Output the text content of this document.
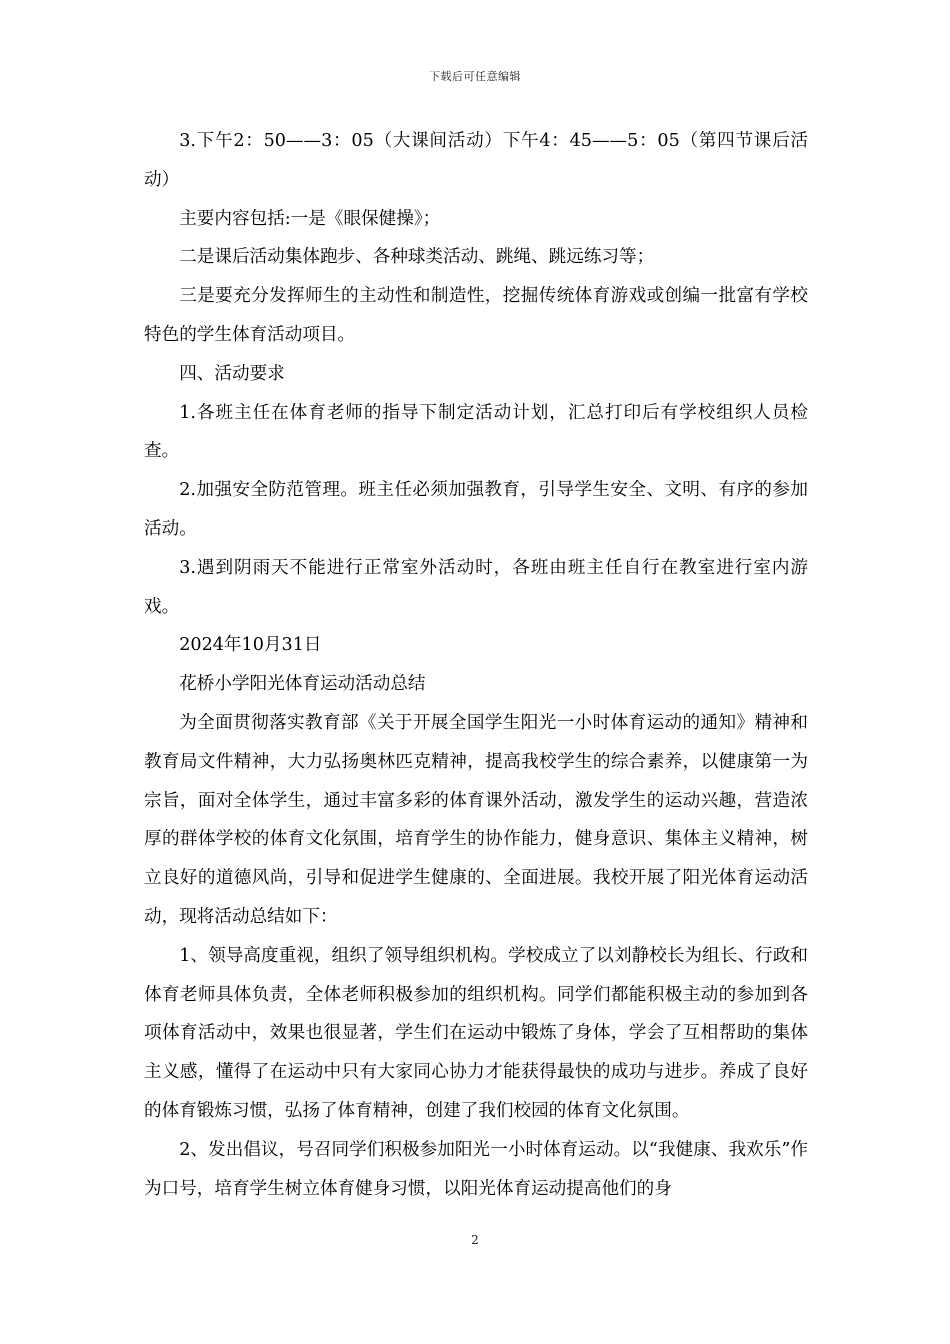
下载后可任意编辑

3.下午2：50——3：05（大课间活动）下午4：45——5：05（第四节课后活动）

主要内容包括:一是《眼保健操》；

二是课后活动集体跑步、各种球类活动、跳绳、跳远练习等；

三是要充分发挥师生的主动性和制造性，挖掘传统体育游戏或创编一批富有学校特色的学生体育活动项目。

四、活动要求

1.各班主任在体育老师的指导下制定活动计划，汇总打印后有学校组织人员检查。

2.加强安全防范管理。班主任必须加强教育，引导学生安全、文明、有序的参加活动。

3.遇到阴雨天不能进行正常室外活动时，各班由班主任自行在教室进行室内游戏。

2024年10月31日

花桥小学阳光体育运动活动总结

为全面贯彻落实教育部《关于开展全国学生阳光一小时体育运动的通知》精神和教育局文件精神，大力弘扬奥林匹克精神，提高我校学生的综合素养，以健康第一为宗旨，面对全体学生，通过丰富多彩的体育课外活动，激发学生的运动兴趣，营造浓厚的群体学校的体育文化氛围，培育学生的协作能力，健身意识、集体主义精神，树立良好的道德风尚，引导和促进学生健康的、全面进展。我校开展了阳光体育运动活动，现将活动总结如下：

1、领导高度重视，组织了领导组织机构。学校成立了以刘静校长为组长、行政和体育老师具体负责，全体老师积极参加的组织机构。同学们都能积极主动的参加到各项体育活动中，效果也很显著，学生们在运动中锻炼了身体，学会了互相帮助的集体主义感，懂得了在运动中只有大家同心协力才能获得最快的成功与进步。养成了良好的体育锻炼习惯，弘扬了体育精神，创建了我们校园的体育文化氛围。

2、发出倡议，号召同学们积极参加阳光一小时体育运动。以“我健康、我欢乐”作为口号，培育学生树立体育健身习惯，以阳光体育运动提高他们的身

2
